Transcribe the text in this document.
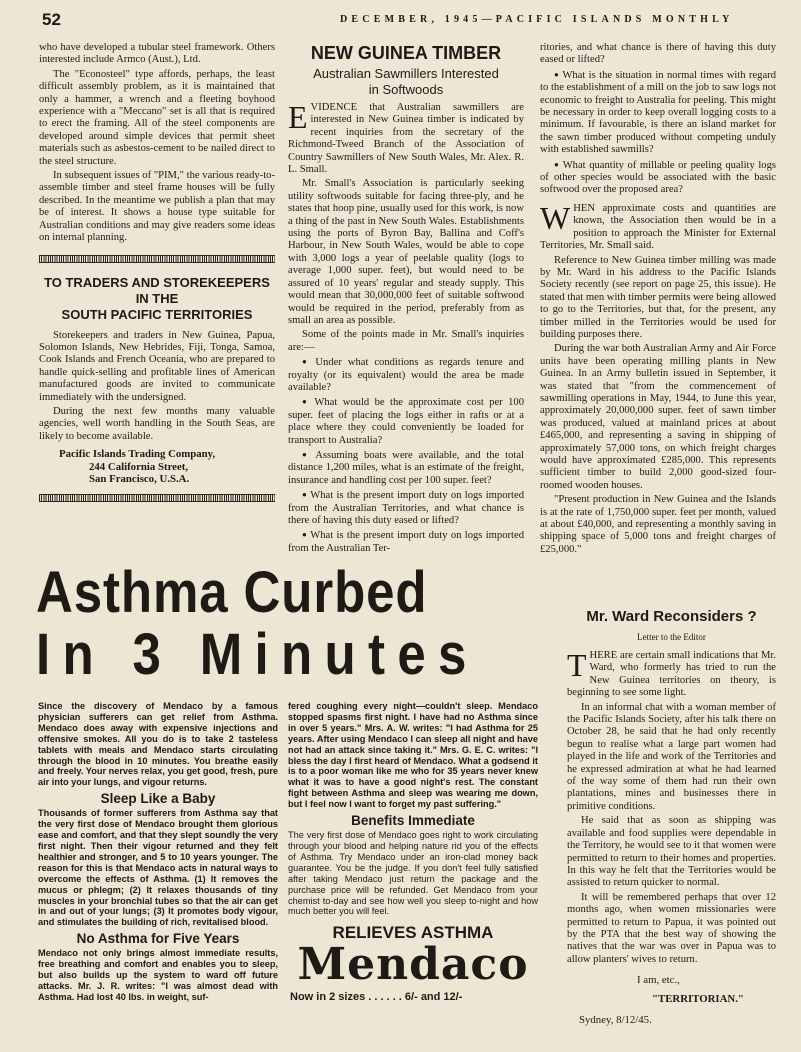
52	DECEMBER, 1945—PACIFIC ISLANDS MONTHLY

who have developed a tubular steel framework. Others interested include Armco (Aust.), Ltd.

The "Econosteel" type affords, perhaps, the least difficult assembly problem, as it is maintained that only a hammer, a wrench and a fleeting boyhood experience with a "Meccano" set is all that is required to erect the framing. All of the steel components are developed around simple devices that permit sheet materials such as asbestos-cement to be nailed direct to the steel structure.

In subsequent issues of "PIM," the various ready-to-assemble timber and steel frame houses will be fully described. In the meantime we publish a plan that may be of interest. It shows a house type suitable for Australian conditions and may give readers some ideas on internal planning.

TO TRADERS AND STOREKEEPERS
IN THE
SOUTH PACIFIC TERRITORIES

Storekeepers and traders in New Guinea, Papua, Solomon Islands, New Hebrides, Fiji, Tonga, Samoa, Cook Islands and French Oceania, who are prepared to handle quick-selling and profitable lines of American manufactured goods are invited to communicate immediately with the undersigned.

During the next few months many valuable agencies, well worth handling in the South Seas, are likely to become available.

Pacific Islands Trading Company,
244 California Street,
San Francisco, U.S.A.
NEW GUINEA TIMBER
Australian Sawmillers Interested in Softwoods

EVIDENCE that Australian sawmillers are interested in New Guinea timber is indicated by recent inquiries from the secretary of the Richmond-Tweed Branch of the Association of Country Sawmillers of New South Wales, Mr. Alex. R. L. Small.

Mr. Small's Association is particularly seeking utility softwoods suitable for facing three-ply, and he states that hoop pine, usually used for this work, is now a thing of the past in New South Wales. Establishments using the ports of Byron Bay, Ballina and Coff's Harbour, in New South Wales, would be able to cope with 3,000 logs a year of peelable quality (logs to average 1,000 super. feet), but would need to be assured of 10 years' regular and steady supply. This would mean that 30,000,000 feet of suitable softwood would be required in the period, preferably from as small an area as possible.

Some of the points made in Mr. Small's inquiries are:—

● Under what conditions as regards tenure and royalty (or its equivalent) would the area be made available?

● What would be the approximate cost per 100 super. feet of placing the logs either in rafts or at a place where they could conveniently be loaded for transport to Australia?

● Assuming boats were available, and the total distance 1,200 miles, what is an estimate of the freight, insurance and handling cost per 100 super. feet?

● What is the present import duty on logs imported from the Australian Territories, and what chance is there of having this duty eased or lifted?

● What is the present import duty on logs imported from the Australian Ter-

ritories, and what chance is there of having this duty eased or lifted?

● What is the situation in normal times with regard to the establishment of a mill on the job to saw logs not economic to freight to Australia for peeling. This might be necessary in order to keep overall logging costs to a minimum. If favourable, is there an island market for the sawn timber produced without competing unduly with established sawmills?

● What quantity of millable or peeling quality logs of other species would be associated with the basic softwood over the proposed area?

WHEN approximate costs and quantities are known, the Association then would be in a position to approach the Minister for External Territories, Mr. Small said.

Reference to New Guinea timber milling was made by Mr. Ward in his address to the Pacific Islands Society recently (see report on page 25, this issue). He stated that men with timber permits were being allowed to go to the Territories, but that, for the present, any timber milled in the Territories would be used for building purposes there.

During the war both Australian Army and Air Force units have been operating milling plants in New Guinea. In an Army bulletin issued in September, it was stated that "from the commencement of sawmilling operations in May, 1944, to June this year, approximately 20,000,000 super. feet of sawn timber was produced, valued at mainland prices at about £465,000, and representing a saving in shipping of approximately 57,000 tons, on which freight charges would have approximated £285,000. This represents sufficient timber to build 2,000 good-sized four-roomed wooden houses.

"Present production in New Guinea and the Islands is at the rate of 1,750,000 super. feet per month, valued at about £40,000, and representing a monthly saving in shipping space of 5,000 tons and freight charges of £25,000."

Mr. Ward Reconsiders ?
Letter to the Editor

THERE are certain small indications that Mr. Ward, who formerly has tried to run the New Guinea territories on theory, is beginning to see some light.

In an informal chat with a woman member of the Pacific Islands Society, after his talk there on October 28, he said that he had only recently begun to realise what a large part women had played in the life and work of the Territories and he expressed admiration at what he had learned of the way some of them had run their own plantations, mines and businesses there in primitive conditions.

He said that as soon as shipping was available and food supplies were dependable in the Territory, he would see to it that women were permitted to return to their homes and properties. In this way he felt that the Territories would be assisted to return quicker to normal.

It will be remembered perhaps that over 12 months ago, when women missionaries were permitted to return to Papua, it was pointed out by the PTA that the best way of showing the natives that the war was over in Papua was to allow planters' wives to return.

I am, etc.,
"TERRITORIAN."
Sydney, 8/12/45.
Asthma Curbed
In 3 Minutes

Since the discovery of Mendaco by a famous physician sufferers can get relief from Asthma. Mendaco does away with expensive injections and offensive smokes. All you do is to take 2 tasteless tablets with meals and Mendaco starts circulating through the blood in 10 minutes. You breathe easily and freely. Your nerves relax, you get good, fresh, pure air into your lungs, and vigour returns.

Sleep Like a Baby

Thousands of former sufferers from Asthma say that the very first dose of Mendaco brought them glorious ease and comfort, and that they slept soundly the very first night. Then their vigour returned and they felt healthier and stronger, and 5 to 10 years younger. The reason for this is that Mendaco acts in natural ways to overcome the effects of Asthma. (1) It removes the mucus or phlegm; (2) It relaxes thousands of tiny muscles in your bronchial tubes so that the air can get in and out of your lungs; (3) It promotes body vigour, and stimulates the building of rich, revitalised blood.

No Asthma for Five Years

Mendaco not only brings almost immediate results, free breathing and comfort and enables you to sleep, but also builds up the system to ward off future attacks. Mr. J. R. writes: "I was almost dead with Asthma. Had lost 40 lbs. in weight, suf-

fered coughing every night—couldn't sleep. Mendaco stopped spasms first night. I have had no Asthma since in over 5 years." Mrs. A. W. writes: "I had Asthma for 25 years. After using Mendaco I can sleep all night and have not had an attack since taking it." Mrs. G. E. C. writes: "I bless the day I first heard of Mendaco. What a godsend it is to a poor woman like me who for 35 years never knew what it was to have a good night's rest. The constant fight between Asthma and sleep was wearing me down, but I feel now I want to forget my past suffering."

Benefits Immediate

The very first dose of Mendaco goes right to work circulating through your blood and helping nature rid you of the effects of Asthma. Try Mendaco under an iron-clad money back guarantee. You be the judge. If you don't feel fully satisfied after taking Mendaco just return the package and the purchase price will be refunded. Get Mendaco from your chemist to-day and see how well you sleep to-night and how much better you will feel.

RELIEVES ASTHMA
Mendaco
Now in 2 sizes . . . . . . 6/- and 12/-
